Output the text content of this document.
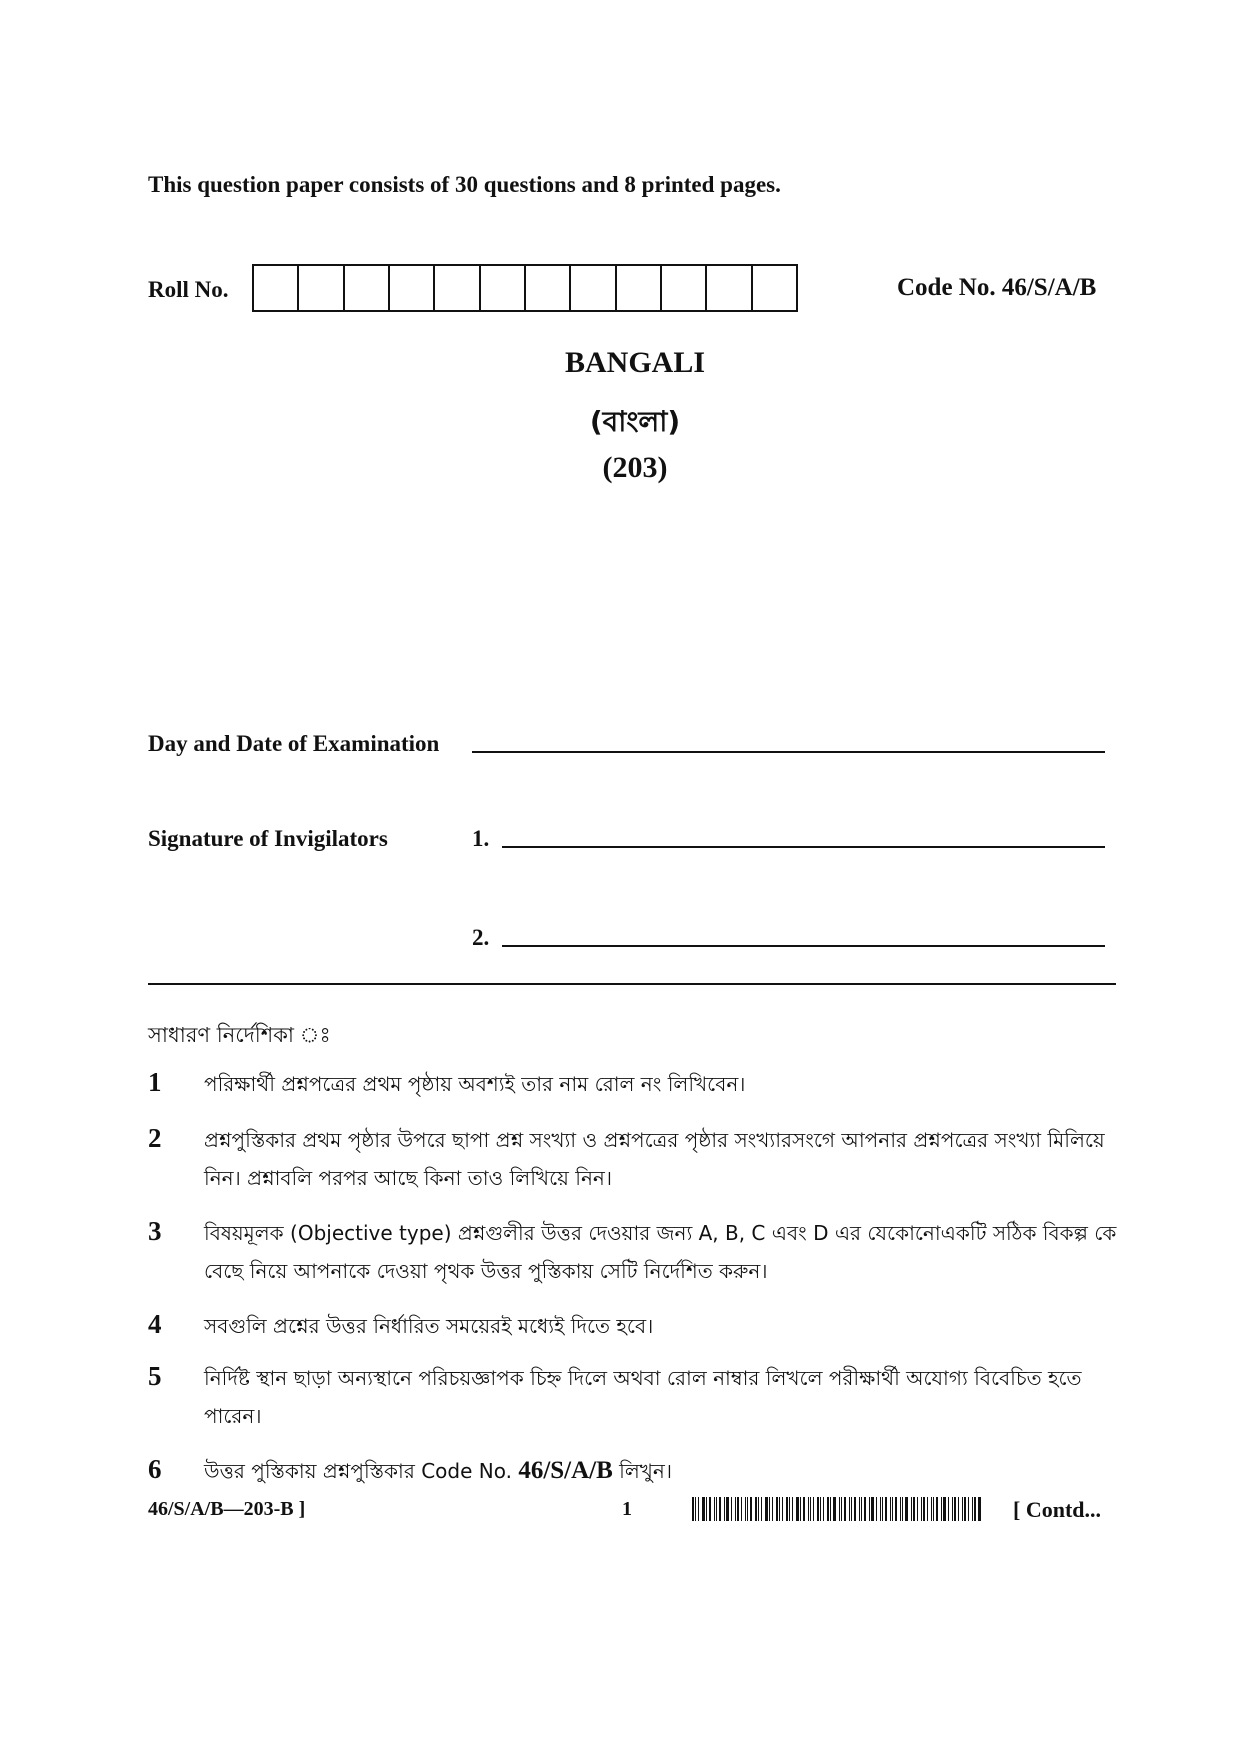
This question paper consists of 30 questions and 8 printed pages.
Roll No.	Code No. 46/S/A/B
BANGALI
(বাংলা)
(203)
Day and Date of Examination
Signature of Invigilators	1.
2.
সাধারণ নির্দেশিকা ঃ
1 পরিক্ষার্থী প্রশ্নপত্রের প্রথম পৃষ্ঠায় অবশ্যই তার নাম রোল নং লিখিবেন।
2 প্রশ্নপুস্তিকার প্রথম পৃষ্ঠার উপরে ছাপা প্রশ্ন সংখ্যা ও প্রশ্নপত্রের পৃষ্ঠার সংখ্যারসংগে আপনার প্রশ্নপত্রের সংখ্যা মিলিয়ে নিন। প্রশ্নাবলি পরপর আছে কিনা তাও লিখিয়ে নিন।
3 বিষয়মূলক (Objective type) প্রশ্নগুলীর উত্তর দেওয়ার জন্য A, B, C এবং D এর যেকোনোএকটি সঠিক বিকল্প কে বেছে নিয়ে আপনাকে দেওয়া পৃথক উত্তর পুস্তিকায় সেটি নির্দেশিত করুন।
4 সবগুলি প্রশ্নের উত্তর নির্ধারিত সময়েরই মধ্যেই দিতে হবে।
5 নির্দিষ্ট স্থান ছাড়া অন্যস্থানে পরিচয়জ্ঞাপক চিহ্ন দিলে অথবা রোল নাম্বার লিখলে পরীক্ষার্থী অযোগ্য বিবেচিত হতে পারেন।
6 উত্তর পুস্তিকায় প্রশ্নপুস্তিকার Code No. 46/S/A/B লিখুন।
46/S/A/B—203-B ]	1	[ Contd...
